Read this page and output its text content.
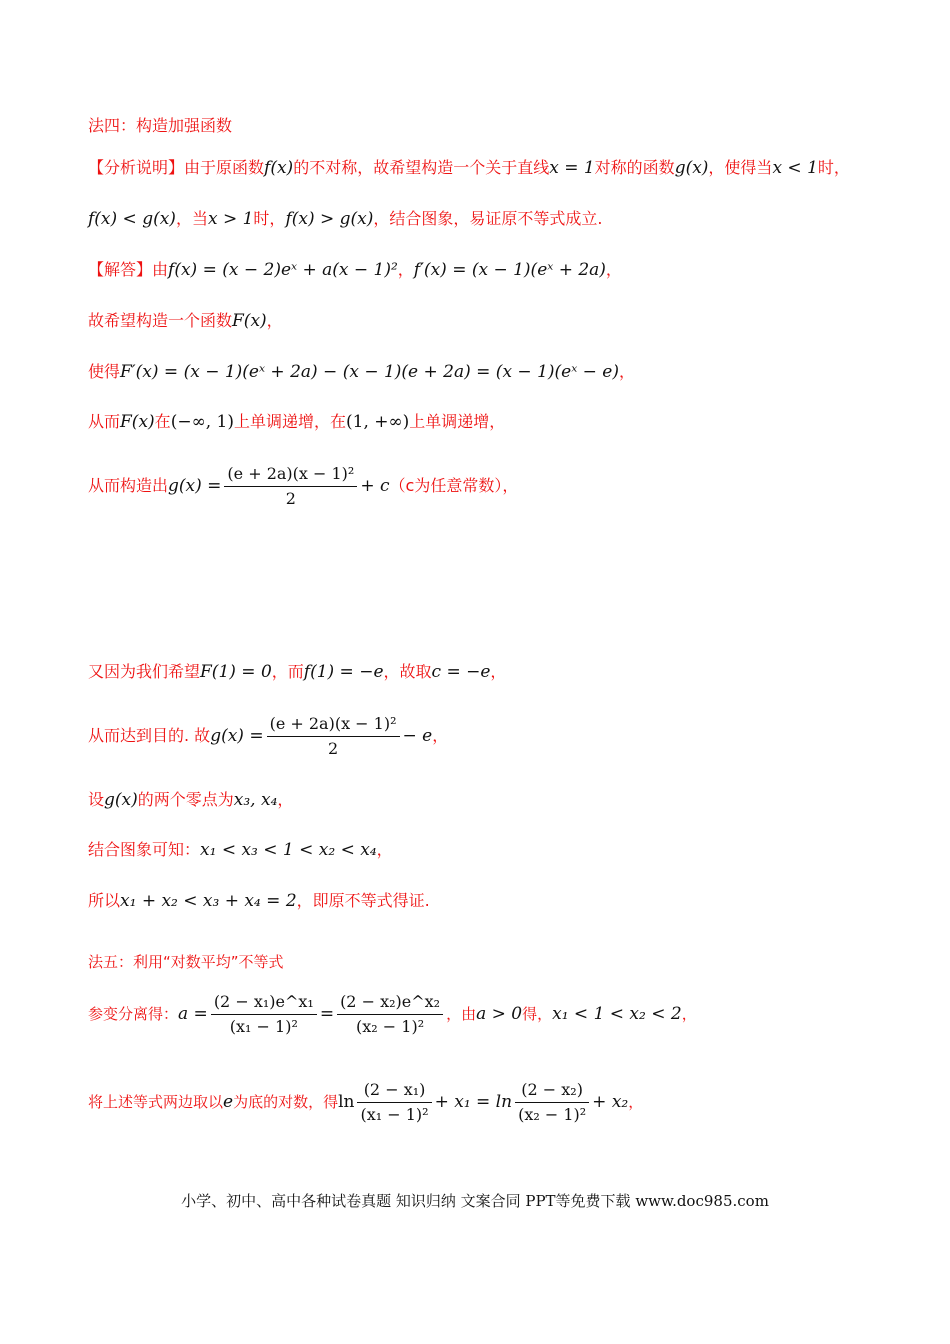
法四：构造加强函数
【分析说明】由于原函数f(x)的不对称，故希望构造一个关于直线x = 1对称的函数g(x)，使得当x < 1时，
f(x) < g(x)，当x > 1时，f(x) > g(x)，结合图象，易证原不等式成立.
【解答】由f(x) = (x − 2)eˣ + a(x − 1)²，f′(x) = (x − 1)(eˣ + 2a)，
故希望构造一个函数F(x)，
使得F′(x) = (x − 1)(eˣ + 2a) − (x − 1)(e + 2a) = (x − 1)(eˣ − e)，
从而F(x)在(−∞, 1)上单调递增，在(1, +∞)上单调递增，
从而构造出$g(x) = \frac{\text{(e + 2a)(x − 1)²}}{2} + c(c$为任意常数），
又因为我们希望F(1) = 0，而f(1) = −e，故取c = −e，
从而达到目的. 故$g(x) = \frac{\text{(e + 2a)(x − 1)²}}{2} - e$，
设g(x)的两个零点为x₃, x₄，
结合图象可知：x₁ < x₃ < 1 < x₂ < x₄，
所以x₁ + x₂ < x₃ + x₄ = 2，即原不等式得证.
法五：利用“对数平均”不等式
参变分离得：$a = \frac{\text{(2 − x₁)e\textasciicircum{}x₁}}{\text{(x₁ − 1)²}} = \frac{\text{(2 − x₂)e\textasciicircum{}x₂}}{\text{(x₂ − 1)²}}$ ，由a > 0得，x₁ < 1 < x₂ < 2，
将上述等式两边取以e为底的对数，得$\ln \frac{\text{(2 − x₁)}}{\text{(x₁ − 1)²}} + x_1 = \ln \frac{\text{(2 − x₂)}}{\text{(x₂ − 1)²}} + x_2$，
小学、初中、高中各种试卷真题 知识归纳 文案合同 PPT等免费下载 www.doc985.com
